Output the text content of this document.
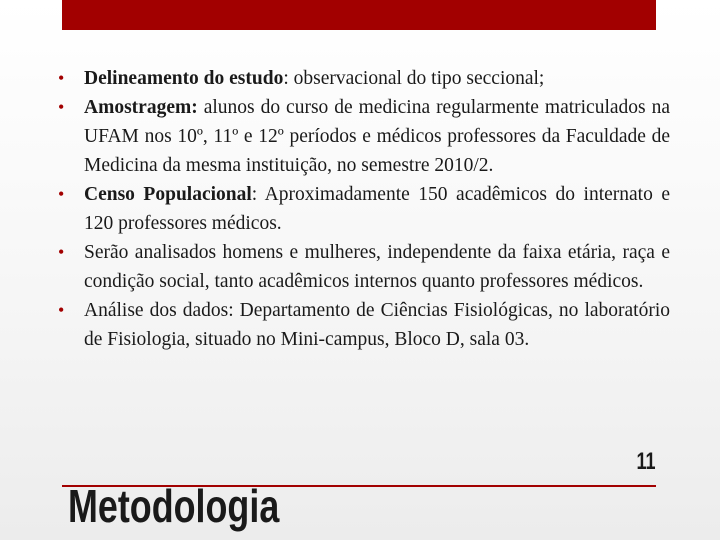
• Delineamento do estudo: observacional do tipo seccional;
• Amostragem: alunos do curso de medicina regularmente matriculados na UFAM nos 10º, 11º e 12º períodos e médicos professores da Faculdade de Medicina da mesma instituição, no semestre 2010/2.
• Censo Populacional: Aproximadamente 150 acadêmicos do internato e 120 professores médicos.
• Serão analisados homens e mulheres, independente da faixa etária, raça e condição social, tanto acadêmicos internos quanto professores médicos.
• Análise dos dados: Departamento de Ciências Fisiológicas, no laboratório de Fisiologia, situado no Mini-campus, Bloco D, sala 03.
11
Metodologia
